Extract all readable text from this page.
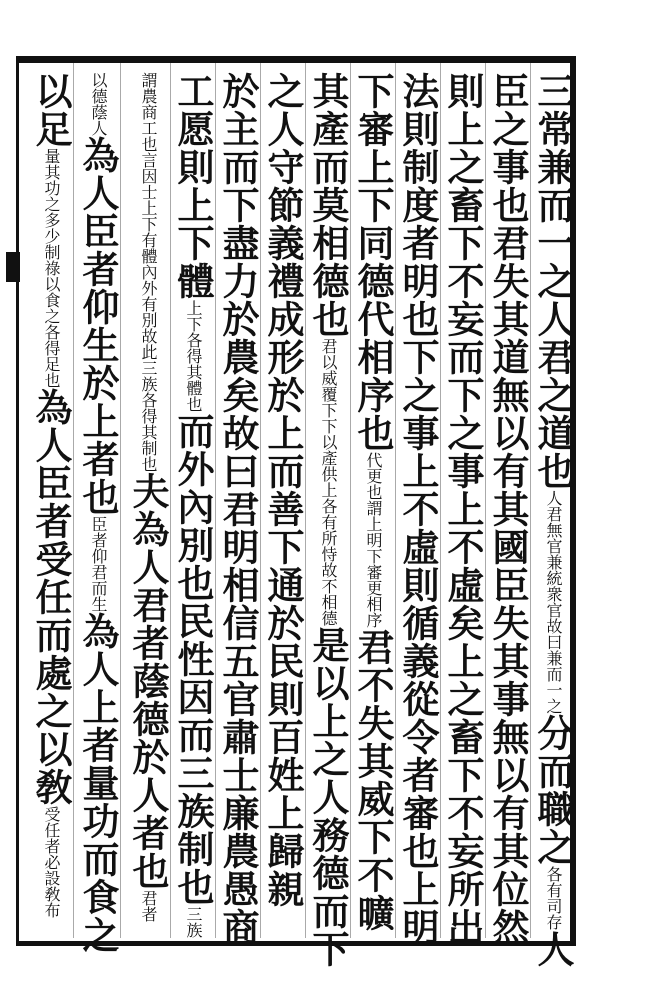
三常兼而一之人君之道也人君無官兼統衆官故曰兼而一之分而職之各有司存人
臣之事也君失其道無以有其國臣失其事無以有其位然
則上之畜下不妄而下之事上不虛矣上之畜下不妄所出
法則制度者明也下之事上不虛則循義從令者審也上明
下審上下同德代相序也代更也謂上明下審更相序君不失其威下不曠
其產而莫相德也君以威覆下下以產供上各有所恃故不相德是以上之人務德而下
之人守節義禮成形於上而善下通於民則百姓上歸親
於主而下盡力於農矣故曰君明相信五官肅士廉農愚商
工愿則上下體上下各得其體也而外內別也民性因而三族制也三族
謂農商工也言因士上下有體內外有別故此三族各得其制也夫為人君者蔭德於人者也君者
以德蔭人為人臣者仰生於上者也臣者仰君而生為人上者量功而食之
以足量其功之多少制祿以食之各得足也為人臣者受任而處之以敎受任者必設敎布
